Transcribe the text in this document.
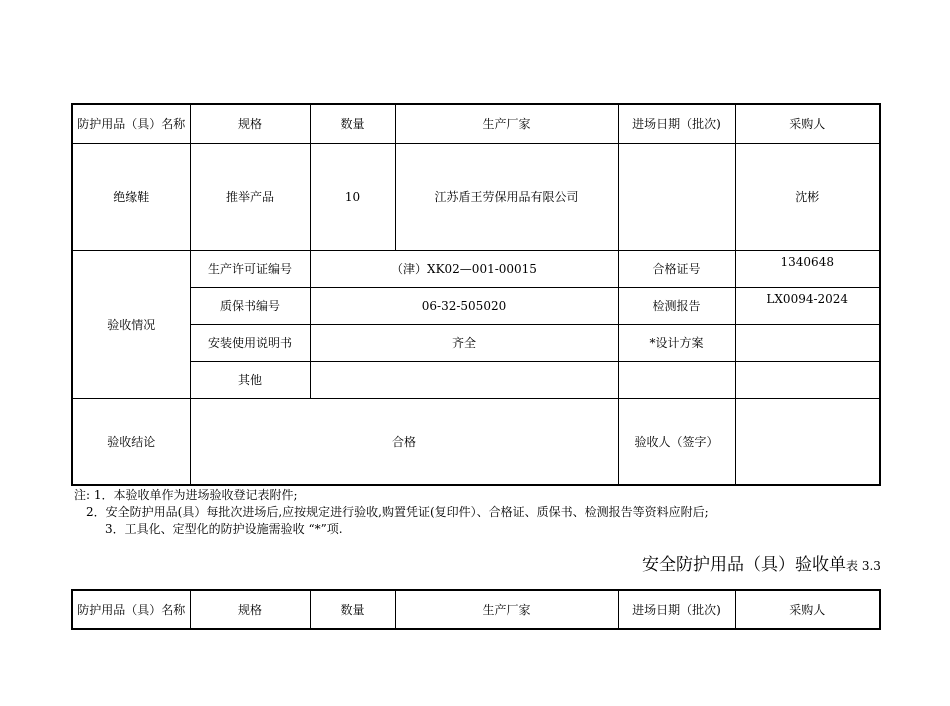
防护用品（具）名称	规格	数量	生产厂家	进场日期（批次)	采购人
绝缘鞋	推举产品	10	江苏盾王劳保用品有限公司		沈彬
验收情况	生产许可证编号	（津）XK02—001-00015		合格证号	1340648
	质保书编号	06-32-505020		检测报告	LX0094-2024
	安装使用说明书	齐全		*设计方案	
	其他				
验收结论	合格			验收人（签字）	
注: 1．本验收单作为进场验收登记表附件;
2．安全防护用品(具）每批次进场后,应按规定进行验收,购置凭证(复印件）、合格证、质保书、检测报告等资料应附后;
3．工具化、定型化的防护设施需验收 “*”项.
安全防护用品（具）验收单表 3.3
防护用品（具）名称	规格	数量	生产厂家	进场日期（批次)	采购人
